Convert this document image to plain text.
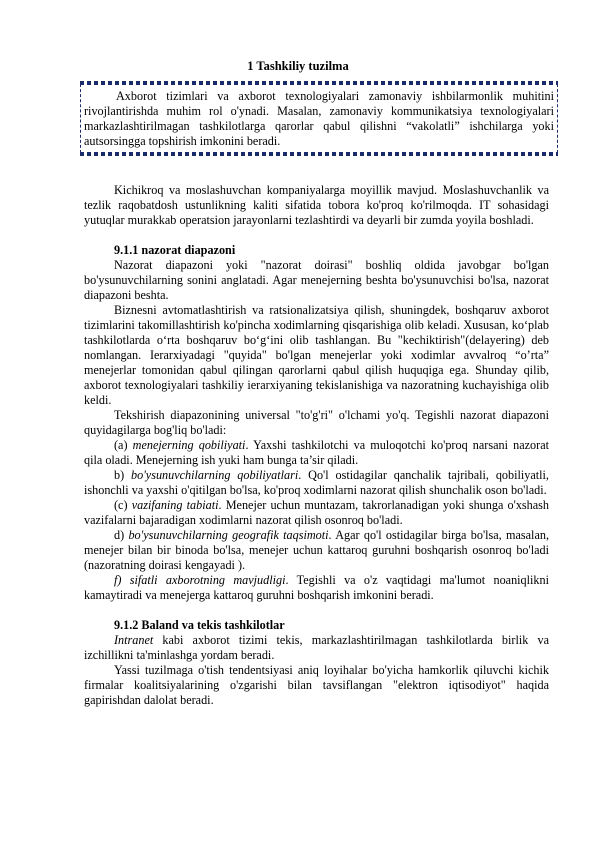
1 Tashkiliy tuzilma

Axborot tizimlari va axborot texnologiyalari zamonaviy ishbilarmonlik muhitini rivojlantirishda muhim rol o'ynadi. Masalan, zamonaviy kommunikatsiya texnologiyalari markazlashtirilmagan tashkilotlarga qarorlar qabul qilishni “vakolatli” ishchilarga yoki autsorsingga topshirish imkonini beradi.

Kichikroq va moslashuvchan kompaniyalarga moyillik mavjud. Moslashuvchanlik va tezlik raqobatdosh ustunlikning kaliti sifatida tobora ko'proq ko'rilmoqda. IT sohasidagi yutuqlar murakkab operatsion jarayonlarni tezlashtirdi va deyarli bir zumda yoyila boshladi.

9.1.1 nazorat diapazoni

Nazorat diapazoni yoki "nazorat doirasi" boshliq oldida javobgar bo'lgan bo'ysunuvchilarning sonini anglatadi. Agar menejerning beshta bo'ysunuvchisi bo'lsa, nazorat diapazoni beshta.

Biznesni avtomatlashtirish va ratsionalizatsiya qilish, shuningdek, boshqaruv axborot tizimlarini takomillashtirish ko'pincha xodimlarning qisqarishiga olib keladi. Xususan, ko‘plab tashkilotlarda o‘rta boshqaruv bo‘g‘ini olib tashlangan. Bu "kechiktirish"(delayering) deb nomlangan. Ierarxiyadagi "quyida" bo'lgan menejerlar yoki xodimlar avvalroq “o’rta” menejerlar tomonidan qabul qilingan qarorlarni qabul qilish huquqiga ega. Shunday qilib, axborot texnologiyalari tashkiliy ierarxiyaning tekislanishiga va nazoratning kuchayishiga olib keldi.

Tekshirish diapazonining universal "to'g'ri" o'lchami yo'q. Tegishli nazorat diapazoni quyidagilarga bog'liq bo'ladi:

(a) menejerning qobiliyati. Yaxshi tashkilotchi va muloqotchi ko'proq narsani nazorat qila oladi. Menejerning ish yuki ham bunga ta’sir qiladi.

b) bo'ysunuvchilarning qobiliyatlari. Qo'l ostidagilar qanchalik tajribali, qobiliyatli, ishonchli va yaxshi o'qitilgan bo'lsa, ko'proq xodimlarni nazorat qilish shunchalik oson bo'ladi.

(c) vazifaning tabiati. Menejer uchun muntazam, takrorlanadigan yoki shunga o'xshash vazifalarni bajaradigan xodimlarni nazorat qilish osonroq bo'ladi.

d) bo'ysunuvchilarning geografik taqsimoti. Agar qo'l ostidagilar birga bo'lsa, masalan, menejer bilan bir binoda bo'lsa, menejer uchun kattaroq guruhni boshqarish osonroq bo'ladi (nazoratning doirasi kengayadi ).

f) sifatli axborotning mavjudligi. Tegishli va o'z vaqtidagi ma'lumot noaniqlikni kamaytiradi va menejerga kattaroq guruhni boshqarish imkonini beradi.

9.1.2 Baland va tekis tashkilotlar

Intranet kabi axborot tizimi tekis, markazlashtirilmagan tashkilotlarda birlik va izchillikni ta'minlashga yordam beradi.

Yassi tuzilmaga o'tish tendentsiyasi aniq loyihalar bo'yicha hamkorlik qiluvchi kichik firmalar koalitsiyalarining o'zgarishi bilan tavsiflangan "elektron iqtisodiyot" haqida gapirishdan dalolat beradi.
